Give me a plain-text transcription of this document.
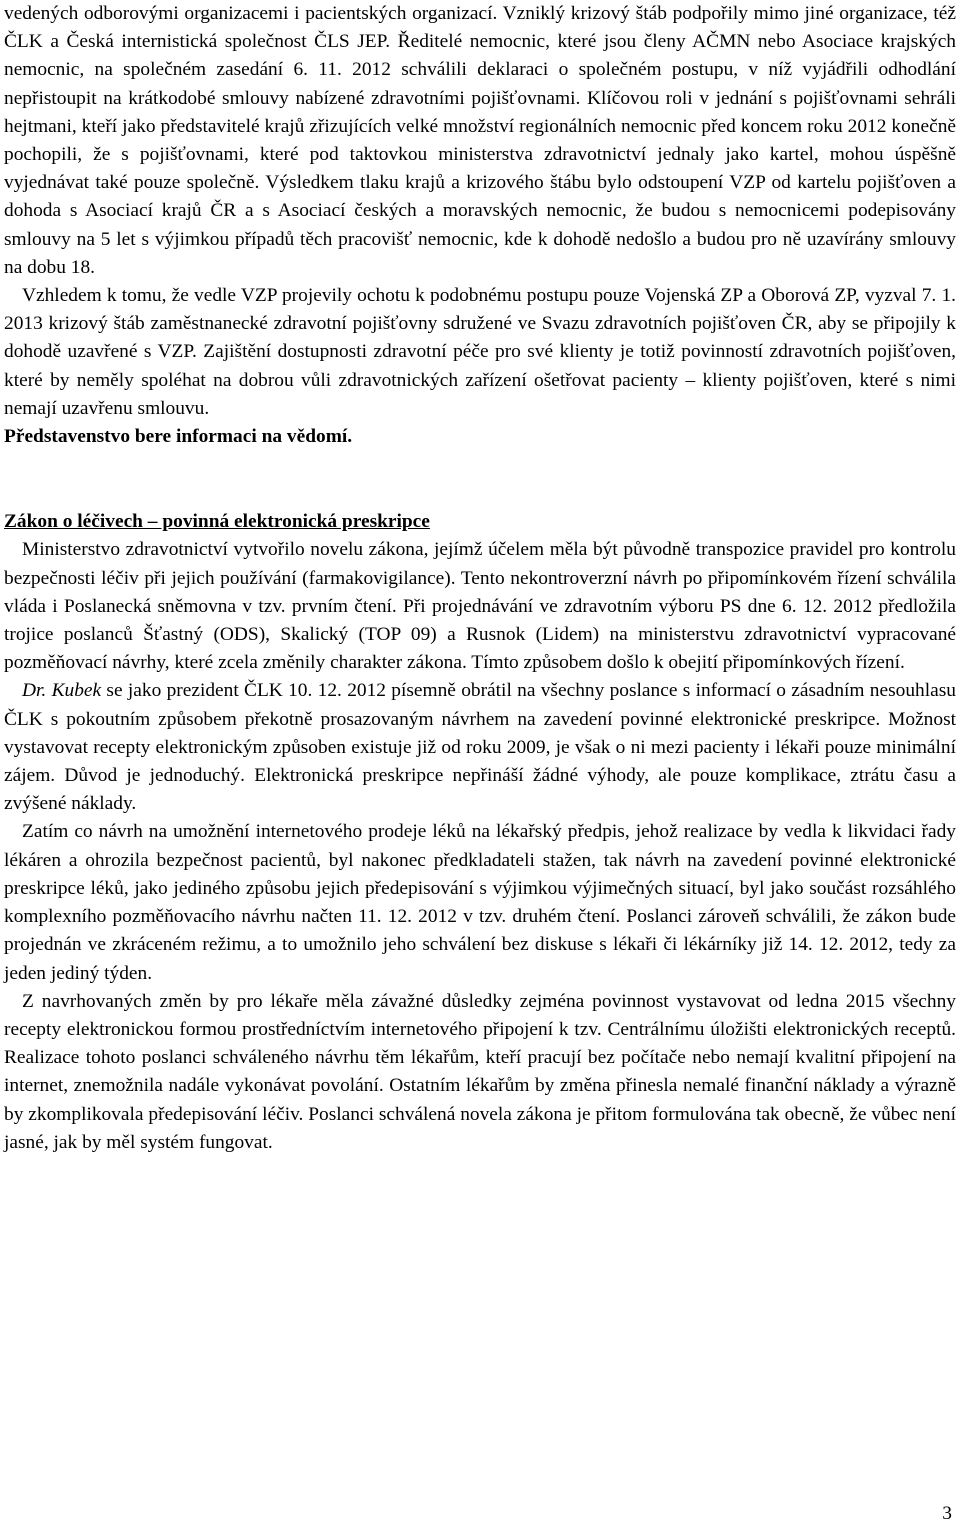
vedených odborovými organizacemi i pacientských organizací. Vzniklý krizový štáb podpořily mimo jiné organizace, též ČLK a Česká internistická společnost ČLS JEP. Ředitelé nemocnic, které jsou členy AČMN nebo Asociace krajských nemocnic, na společném zasedání 6. 11. 2012 schválili deklaraci o společném postupu, v níž vyjádřili odhodlání nepřistoupit na krátkodobé smlouvy nabízené zdravotními pojišťovnami. Klíčovou roli v jednání s pojišťovnami sehráli hejtmani, kteří jako představitelé krajů zřizujících velké množství regionálních nemocnic před koncem roku 2012 konečně pochopili, že s pojišťovnami, které pod taktovkou ministerstva zdravotnictví jednaly jako kartel, mohou úspěšně vyjednávat také pouze společně. Výsledkem tlaku krajů a krizového štábu bylo odstoupení VZP od kartelu pojišťoven a dohoda s Asociací krajů ČR a s Asociací českých a moravských nemocnic, že budou s nemocnicemi podepisovány smlouvy na 5 let s výjimkou případů těch pracovišť nemocnic, kde k dohodě nedošlo a budou pro ně uzavírány smlouvy na dobu 18.

Vzhledem k tomu, že vedle VZP projevily ochotu k podobnému postupu pouze Vojenská ZP a Oborová ZP, vyzval 7. 1. 2013 krizový štáb zaměstnanecké zdravotní pojišťovny sdružené ve Svazu zdravotních pojišťoven ČR, aby se připojily k dohodě uzavřené s VZP. Zajištění dostupnosti zdravotní péče pro své klienty je totiž povinností zdravotních pojišťoven, které by neměly spoléhat na dobrou vůli zdravotnických zařízení ošetřovat pacienty – klienty pojišťoven, které s nimi nemají uzavřenu smlouvu.

Představenstvo bere informaci na vědomí.

Zákon o léčivech – povinná elektronická preskripce

Ministerstvo zdravotnictví vytvořilo novelu zákona, jejímž účelem měla být původně transpozice pravidel pro kontrolu bezpečnosti léčiv při jejich používání (farmakovigilance). Tento nekontroverzní návrh po připomínkovém řízení schválila vláda i Poslanecká sněmovna v tzv. prvním čtení. Při projednávání ve zdravotním výboru PS dne 6. 12. 2012 předložila trojice poslanců Šťastný (ODS), Skalický (TOP 09) a Rusnok (Lidem) na ministerstvu zdravotnictví vypracované pozměňovací návrhy, které zcela změnily charakter zákona. Tímto způsobem došlo k obejití připomínkových řízení.

Dr. Kubek se jako prezident ČLK 10. 12. 2012 písemně obrátil na všechny poslance s informací o zásadním nesouhlasu ČLK s pokoutním způsobem překotně prosazovaným návrhem na zavedení povinné elektronické preskripce. Možnost vystavovat recepty elektronickým způsoben existuje již od roku 2009, je však o ni mezi pacienty i lékaři pouze minimální zájem. Důvod je jednoduchý. Elektronická preskripce nepřináší žádné výhody, ale pouze komplikace, ztrátu času a zvýšené náklady.

Zatím co návrh na umožnění internetového prodeje léků na lékařský předpis, jehož realizace by vedla k likvidaci řady lékáren a ohrozila bezpečnost pacientů, byl nakonec předkladateli stažen, tak návrh na zavedení povinné elektronické preskripce léků, jako jediného způsobu jejich předepisování s výjimkou výjimečných situací, byl jako součást rozsáhlého komplexního pozměňovacího návrhu načten 11. 12. 2012 v tzv. druhém čtení. Poslanci zároveň schválili, že zákon bude projednán ve zkráceném režimu, a to umožnilo jeho schválení bez diskuse s lékaři či lékárníky již 14. 12. 2012, tedy za jeden jediný týden.

Z navrhovaných změn by pro lékaře měla závažné důsledky zejména povinnost vystavovat od ledna 2015 všechny recepty elektronickou formou prostředníctvím internetového připojení k tzv. Centrálnímu úložišti elektronických receptů. Realizace tohoto poslanci schváleného návrhu těm lékařům, kteří pracují bez počítače nebo nemají kvalitní připojení na internet, znemožnila nadále vykonávat povolání. Ostatním lékařům by změna přinesla nemalé finanční náklady a výrazně by zkomplikovala předepisování léčiv. Poslanci schválená novela zákona je přitom formulována tak obecně, že vůbec není jasné, jak by měl systém fungovat.

3
